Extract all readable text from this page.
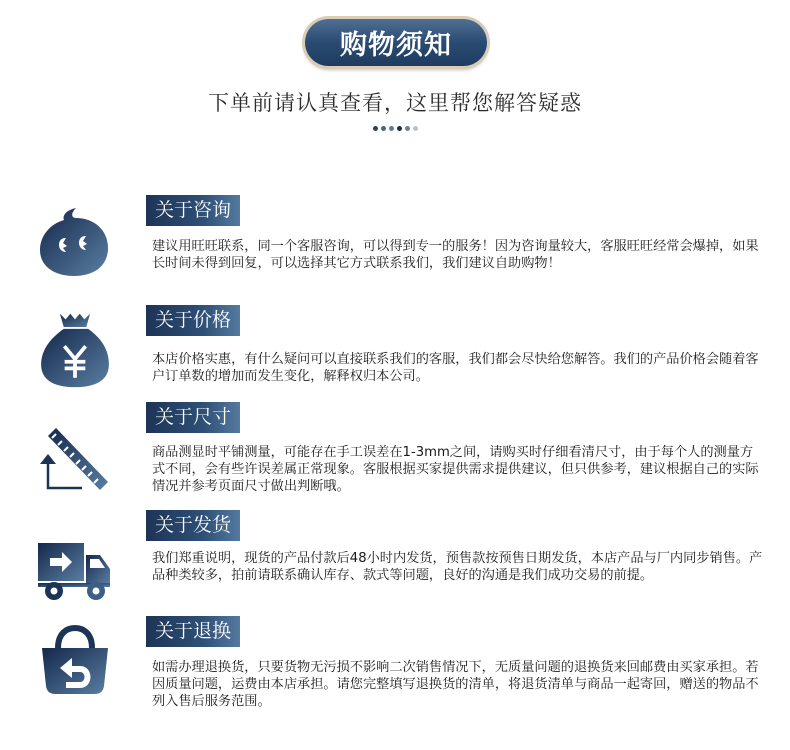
购物须知
下单前请认真查看，这里帮您解答疑惑
关于咨询
建议用旺旺联系，同一个客服咨询，可以得到专一的服务！因为咨询量较大，客服旺旺经常会爆掉，如果长时间未得到回复，可以选择其它方式联系我们，我们建议自助购物！
关于价格
本店价格实惠，有什么疑问可以直接联系我们的客服，我们都会尽快给您解答。我们的产品价格会随着客户订单数的增加而发生变化，解释权归本公司。
关于尺寸
商品测显时平铺测量，可能存在手工误差在1-3mm之间，请购买时仔细看清尺寸，由于每个人的测量方式不同，会有些许误差属正常现象。客服根据买家提供需求提供建议，但只供参考，建议根据自己的实际情况并参考页面尺寸做出判断哦。
关于发货
我们郑重说明，现货的产品付款后48小时内发货，预售款按预售日期发货，本店产品与厂内同步销售。产品种类较多，拍前请联系确认库存、款式等问题，良好的沟通是我们成功交易的前提。
关于退换
如需办理退换货，只要货物无污损不影响二次销售情况下，无质量问题的退换货来回邮费由买家承担。若因质量问题，运费由本店承担。请您完整填写退换货的清单，将退货清单与商品一起寄回，赠送的物品不列入售后服务范围。
